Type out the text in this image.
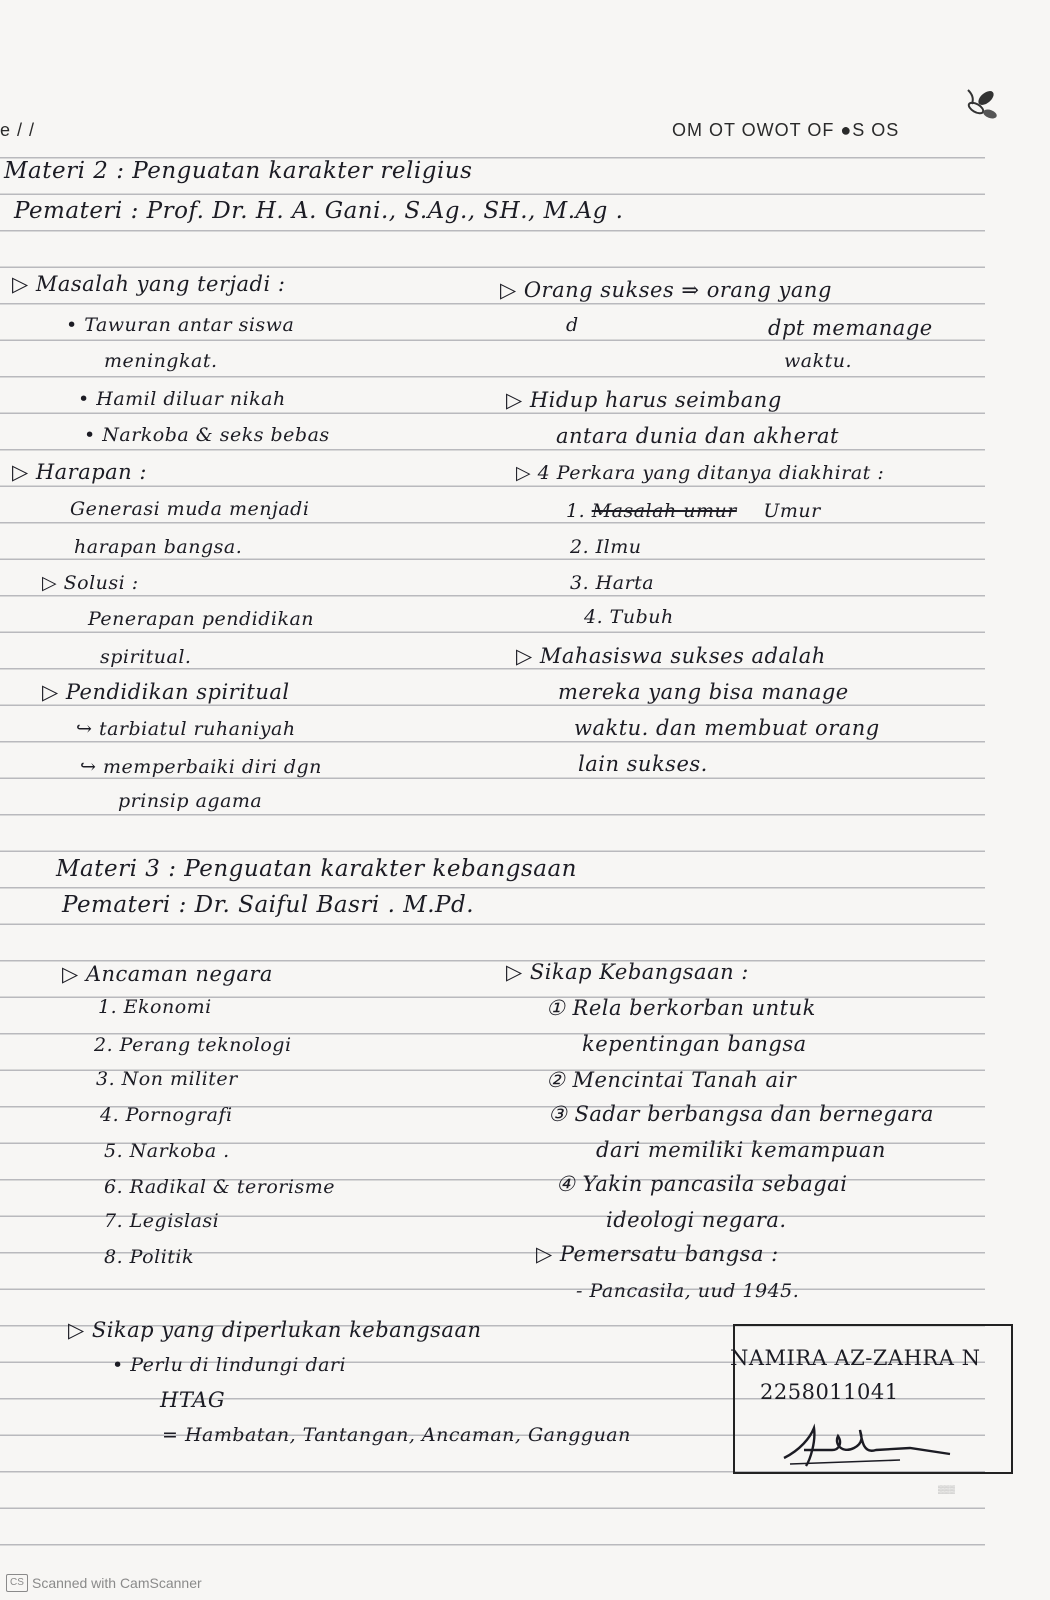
e / /	OM OT OWOT OF ●S OS
Materi 2 : Penguatan karakter religius
Pemateri : Prof. Dr. H. A. Gani., S.Ag., SH., M.Ag .
▷ Masalah yang terjadi :
• Tawuran antar siswa
meningkat.
• Hamil diluar nikah
• Narkoba & seks bebas
▷ Harapan :
Generasi muda menjadi
harapan bangsa.
▷ Solusi :
Penerapan pendidikan
spiritual.
▷ Pendidikan spiritual
↪ tarbiatul ruhaniyah
↪ memperbaiki diri dgn
prinsip agama
▷ Orang sukses ⇒ orang yang
d	dpt memanage
waktu.
▷ Hidup harus seimbang
antara dunia dan akherat
▷ 4 Perkara yang ditanya diakhirat :
1. Masalah umur Umur
2. Ilmu
3. Harta
4. Tubuh
▷ Mahasiswa sukses adalah
mereka yang bisa manage
waktu. dan membuat orang
lain sukses.
Materi 3 : Penguatan karakter kebangsaan
Pemateri : Dr. Saiful Basri . M.Pd.
▷ Ancaman negara
1. Ekonomi
2. Perang teknologi
3. Non militer
4. Pornografi
5. Narkoba .
6. Radikal & terorisme
7. Legislasi
8. Politik
▷ Sikap Kebangsaan :
① Rela berkorban untuk
kepentingan bangsa
② Mencintai Tanah air
③ Sadar berbangsa dan bernegara
dari memiliki kemampuan
④ Yakin pancasila sebagai
ideologi negara.
▷ Pemersatu bangsa :
- Pancasila, uud 1945.
▷ Sikap yang diperlukan kebangsaan
• Perlu di lindungi dari
HTAG
= Hambatan, Tantangan, Ancaman, Gangguan
NAMIRA AZ-ZAHRA N
2258011041
▒▒▒
CS Scanned with CamScanner
